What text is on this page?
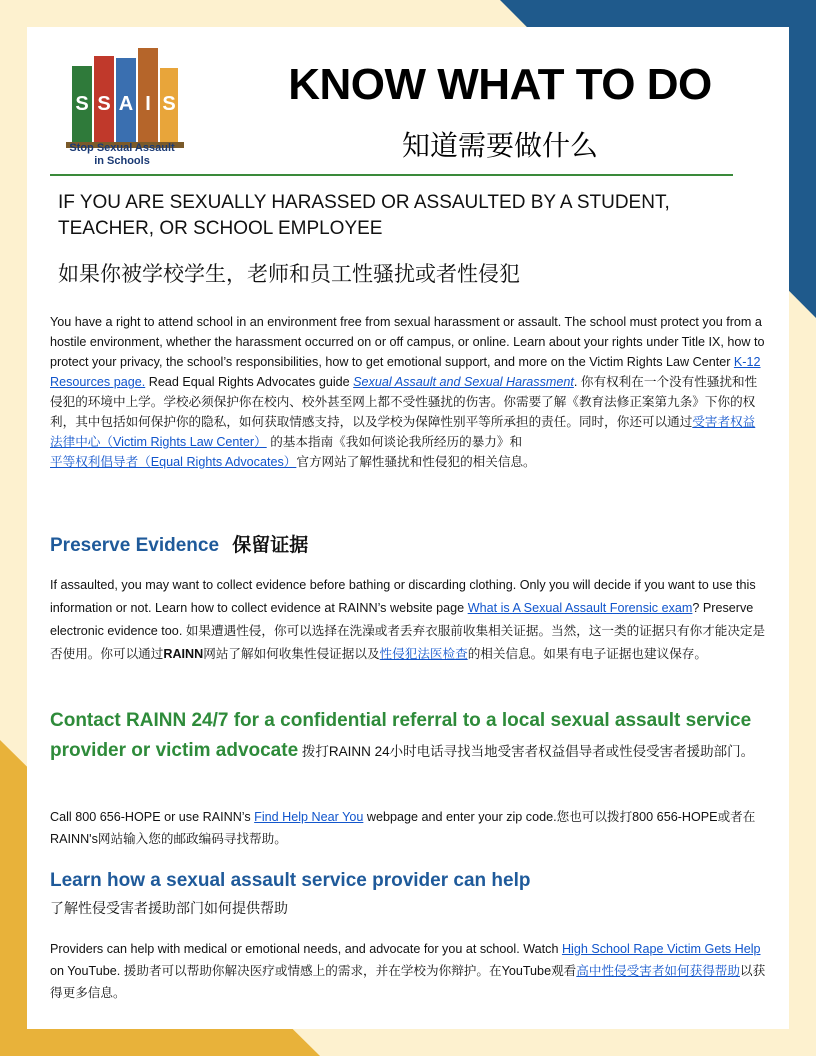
S S A I S
Stop Sexual Assault
in Schools
KNOW WHAT TO DO
知道需要做什么
IF YOU ARE SEXUALLY HARASSED OR ASSAULTED BY A STUDENT,
TEACHER, OR SCHOOL EMPLOYEE
如果你被学校学生，老师和员工性骚扰或者性侵犯
You have a right to attend school in an environment free from sexual harassment or assault. The school must protect you from a hostile environment, whether the harassment occurred on or off campus, or online. Learn about your rights under Title IX, how to protect your privacy, the school’s responsibilities, how to get emotional support, and more on the Victim Rights Law Center K-12 Resources page. Read Equal Rights Advocates guide Sexual Assault and Sexual Harassment. 你有权利在一个没有性骚扰和性侵犯的环境中上学。学校必须保护你在校内、校外甚至网上都不受性骚扰的伤害。你需要了解《教育法修正案第九条》下你的权利，其中包括如何保护你的隐私，如何获取情感支持，以及学校为保障性别平等所承担的责任。同时，你还可以通过受害者权益法律中心（Victim Rights Law Center） 的基本指南《我如何谈论我所经历的暴力》和平等权利倡导者（Equal Rights Advocates）官方网站了解性骚扰和性侵犯的相关信息。
Preserve Evidence 保留证据
If assaulted, you may want to collect evidence before bathing or discarding clothing. Only you will decide if you want to use this information or not. Learn how to collect evidence at RAINN’s website page What is A Sexual Assault Forensic exam? Preserve electronic evidence too. 如果遭遇性侵，你可以选择在洗澡或者丢弃衣服前收集相关证据。当然，这一类的证据只有你才能决定是否使用。你可以通过RAINN网站了解如何收集性侵证据以及性侵犯法医检查的相关信息。如果有电子证据也建议保存。
Contact RAINN 24/7 for a confidential referral to a local sexual assault service provider or victim advocate 拨打RAINN 24小时电话寻找当地受害者权益倡导者或性侵受害者援助部门。
Call 800 656-HOPE or use RAINN’s Find Help Near You webpage and enter your zip code.您也可以拨打800 656-HOPE或者在RAINN's网站输入您的邮政编码寻找帮助。
Learn how a sexual assault service provider can help
了解性侵受害者援助部门如何提供帮助
Providers can help with medical or emotional needs, and advocate for you at school. Watch High School Rape Victim Gets Help on YouTube. 援助者可以帮助你解决医疗或情感上的需求，并在学校为你辩护。在YouTube观看高中性侵受害者如何获得帮助以获得更多信息。
